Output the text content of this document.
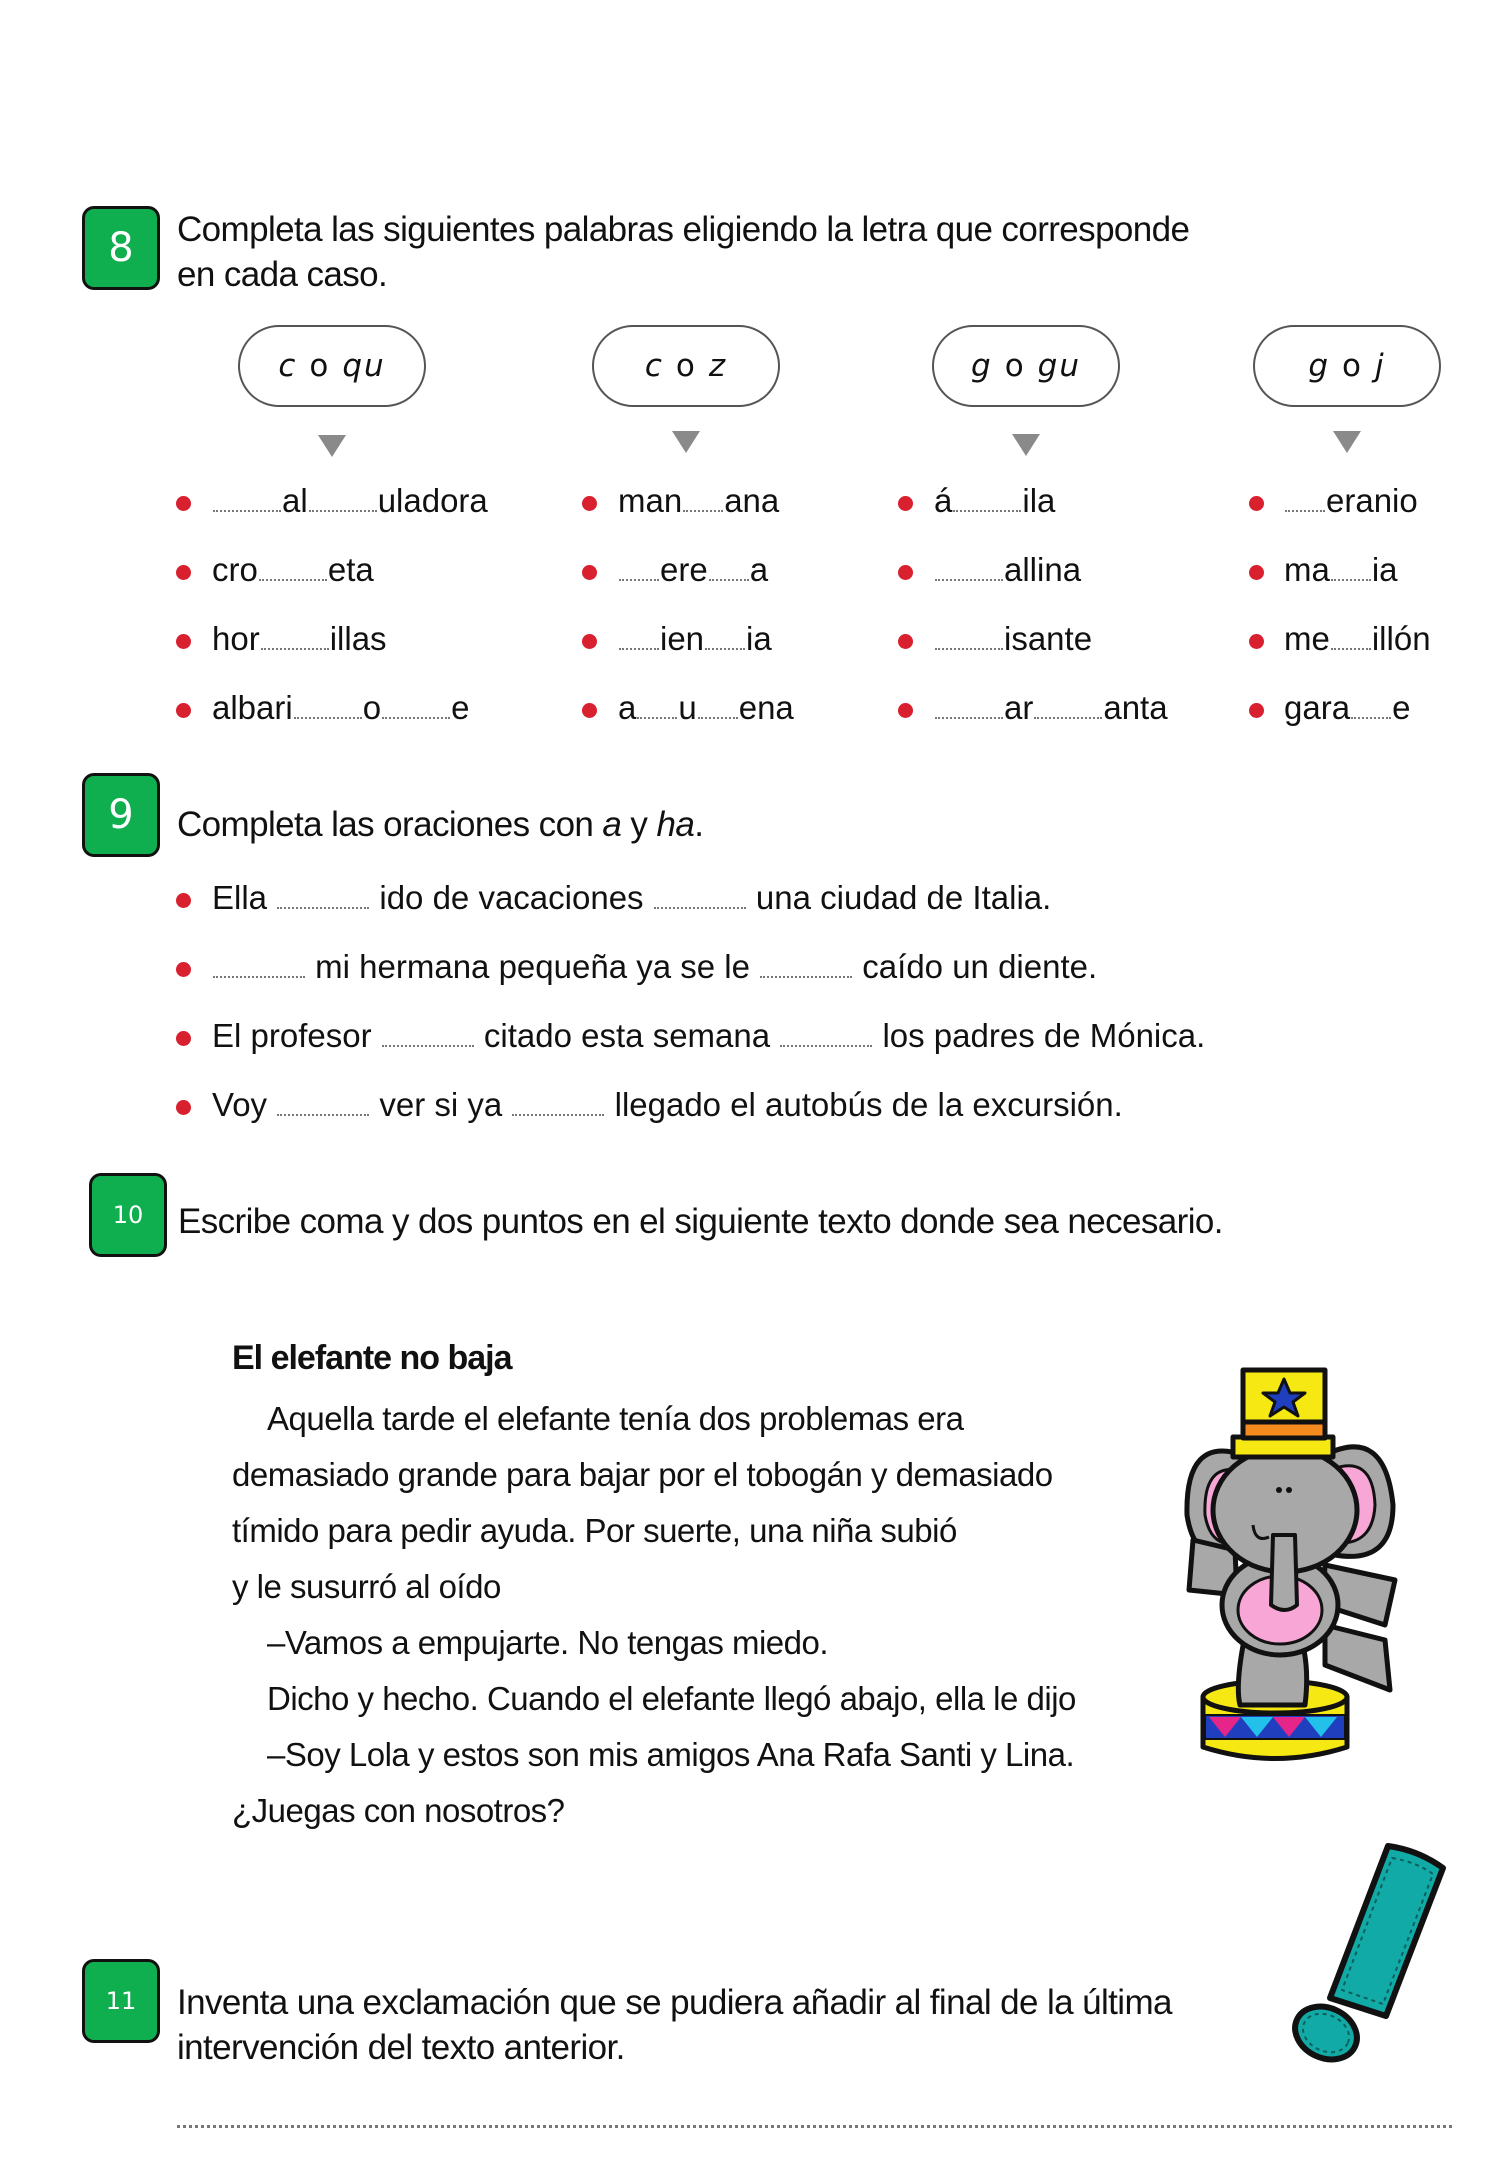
8 Completa las siguientes palabras eligiendo la letra que corresponde
en cada caso.
c o qu	c o z	g o gu	g o j
al uladora
cro eta
hor illas
albari o e
man ana
ere a
ien ia
a u ena
á ila
allina
isante
ar anta
eranio
ma ia
me illón
gara e
9 Completa las oraciones con a y ha.
Ella	ido de vacaciones	una ciudad de Italia.
mi hermana pequeña ya se le	caído un diente.
El profesor	citado esta semana	los padres de Mónica.
Voy	ver si ya	llegado el autobús de la excursión.
10 Escribe coma y dos puntos en el siguiente texto donde sea necesario.
El elefante no baja
Aquella tarde el elefante tenía dos problemas era
demasiado grande para bajar por el tobogán y demasiado
tímido para pedir ayuda. Por suerte, una niña subió
y le susurró al oído
–Vamos a empujarte. No tengas miedo.
Dicho y hecho. Cuando el elefante llegó abajo, ella le dijo
–Soy Lola y estos son mis amigos Ana Rafa Santi y Lina.
¿Juegas con nosotros?
11 Inventa una exclamación que se pudiera añadir al final de la última
intervención del texto anterior.
